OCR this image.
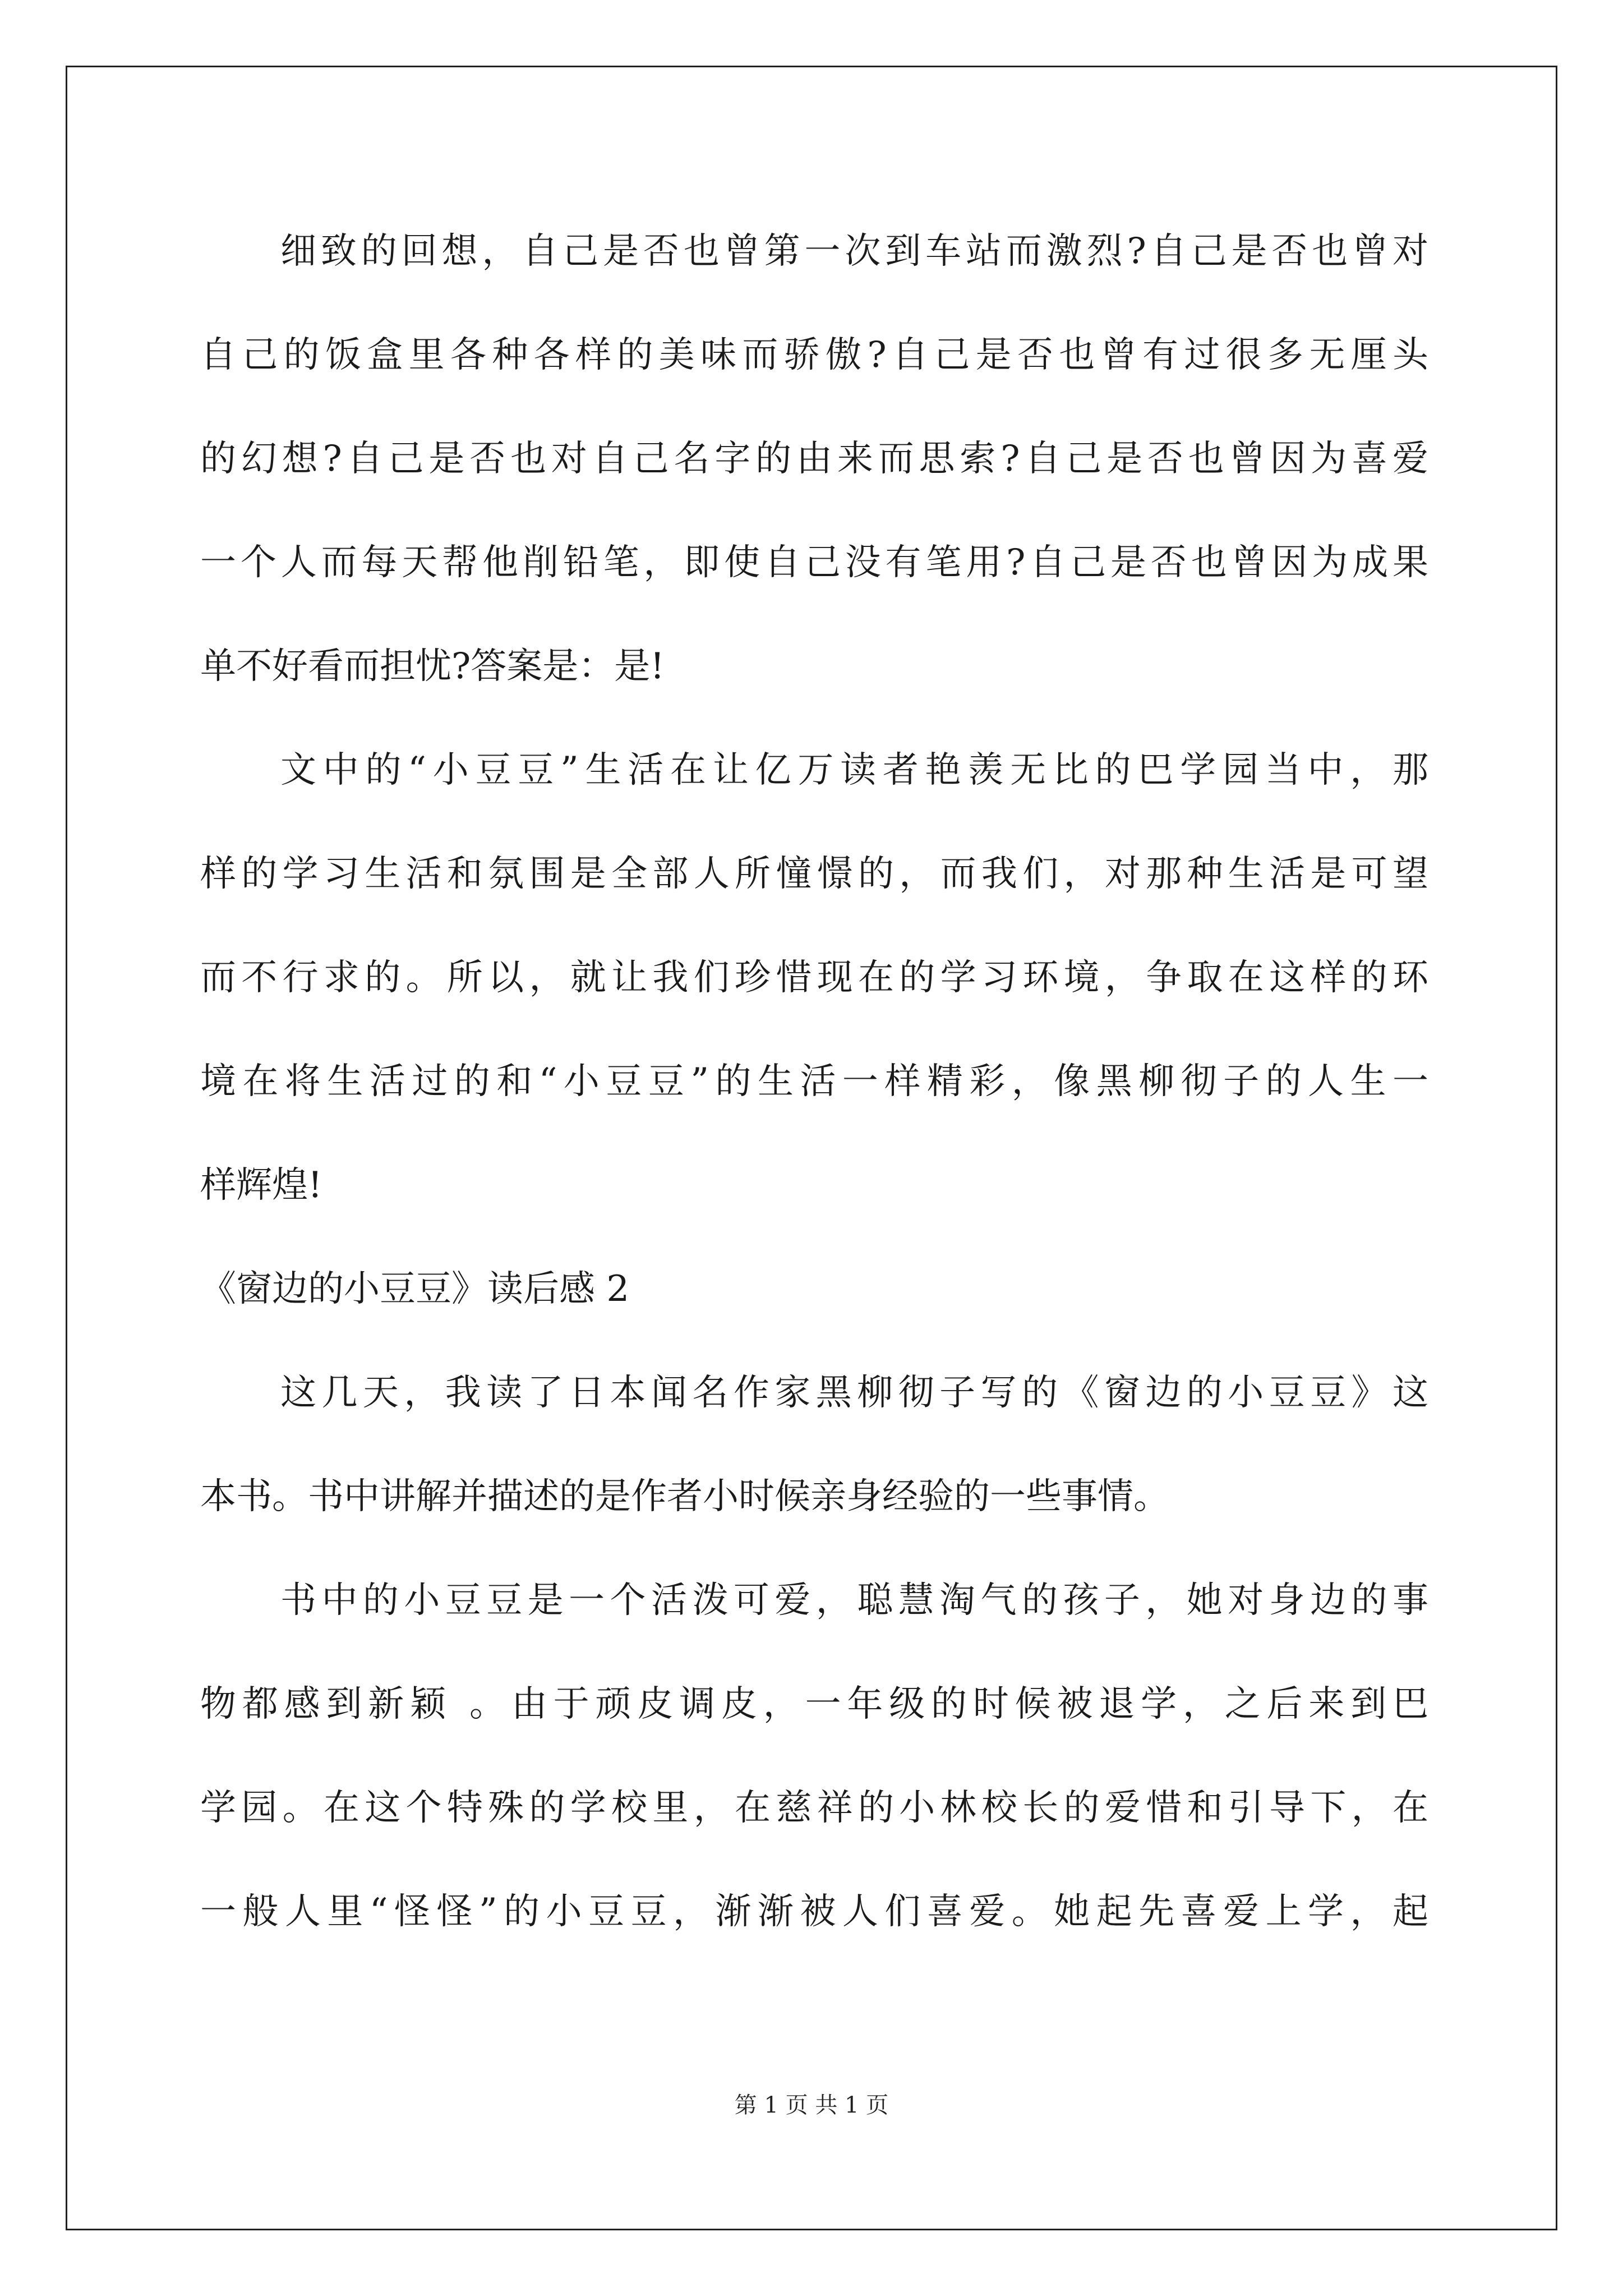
细致的回想，自己是否也曾第一次到车站而激烈?自己是否也曾对
自己的饭盒里各种各样的美味而骄傲?自己是否也曾有过很多无厘头
的幻想?自己是否也对自己名字的由来而思索?自己是否也曾因为喜爱
一个人而每天帮他削铅笔，即使自己没有笔用?自己是否也曾因为成果
单不好看而担忧?答案是：是!
文中的“小豆豆”生活在让亿万读者艳羡无比的巴学园当中，那
样的学习生活和氛围是全部人所憧憬的，而我们，对那种生活是可望
而不行求的。所以，就让我们珍惜现在的学习环境，争取在这样的环
境在将生活过的和“小豆豆”的生活一样精彩，像黑柳彻子的人生一
样辉煌!
《窗边的小豆豆》读后感 2
这几天，我读了日本闻名作家黑柳彻子写的《窗边的小豆豆》这
本书。书中讲解并描述的是作者小时候亲身经验的一些事情。
书中的小豆豆是一个活泼可爱，聪慧淘气的孩子，她对身边的事
物都感到新颖 。由于顽皮调皮，一年级的时候被退学，之后来到巴
学园。在这个特殊的学校里，在慈祥的小林校长的爱惜和引导下，在
一般人里“怪怪”的小豆豆，渐渐被人们喜爱。她起先喜爱上学，起
第 1 页 共 1 页
